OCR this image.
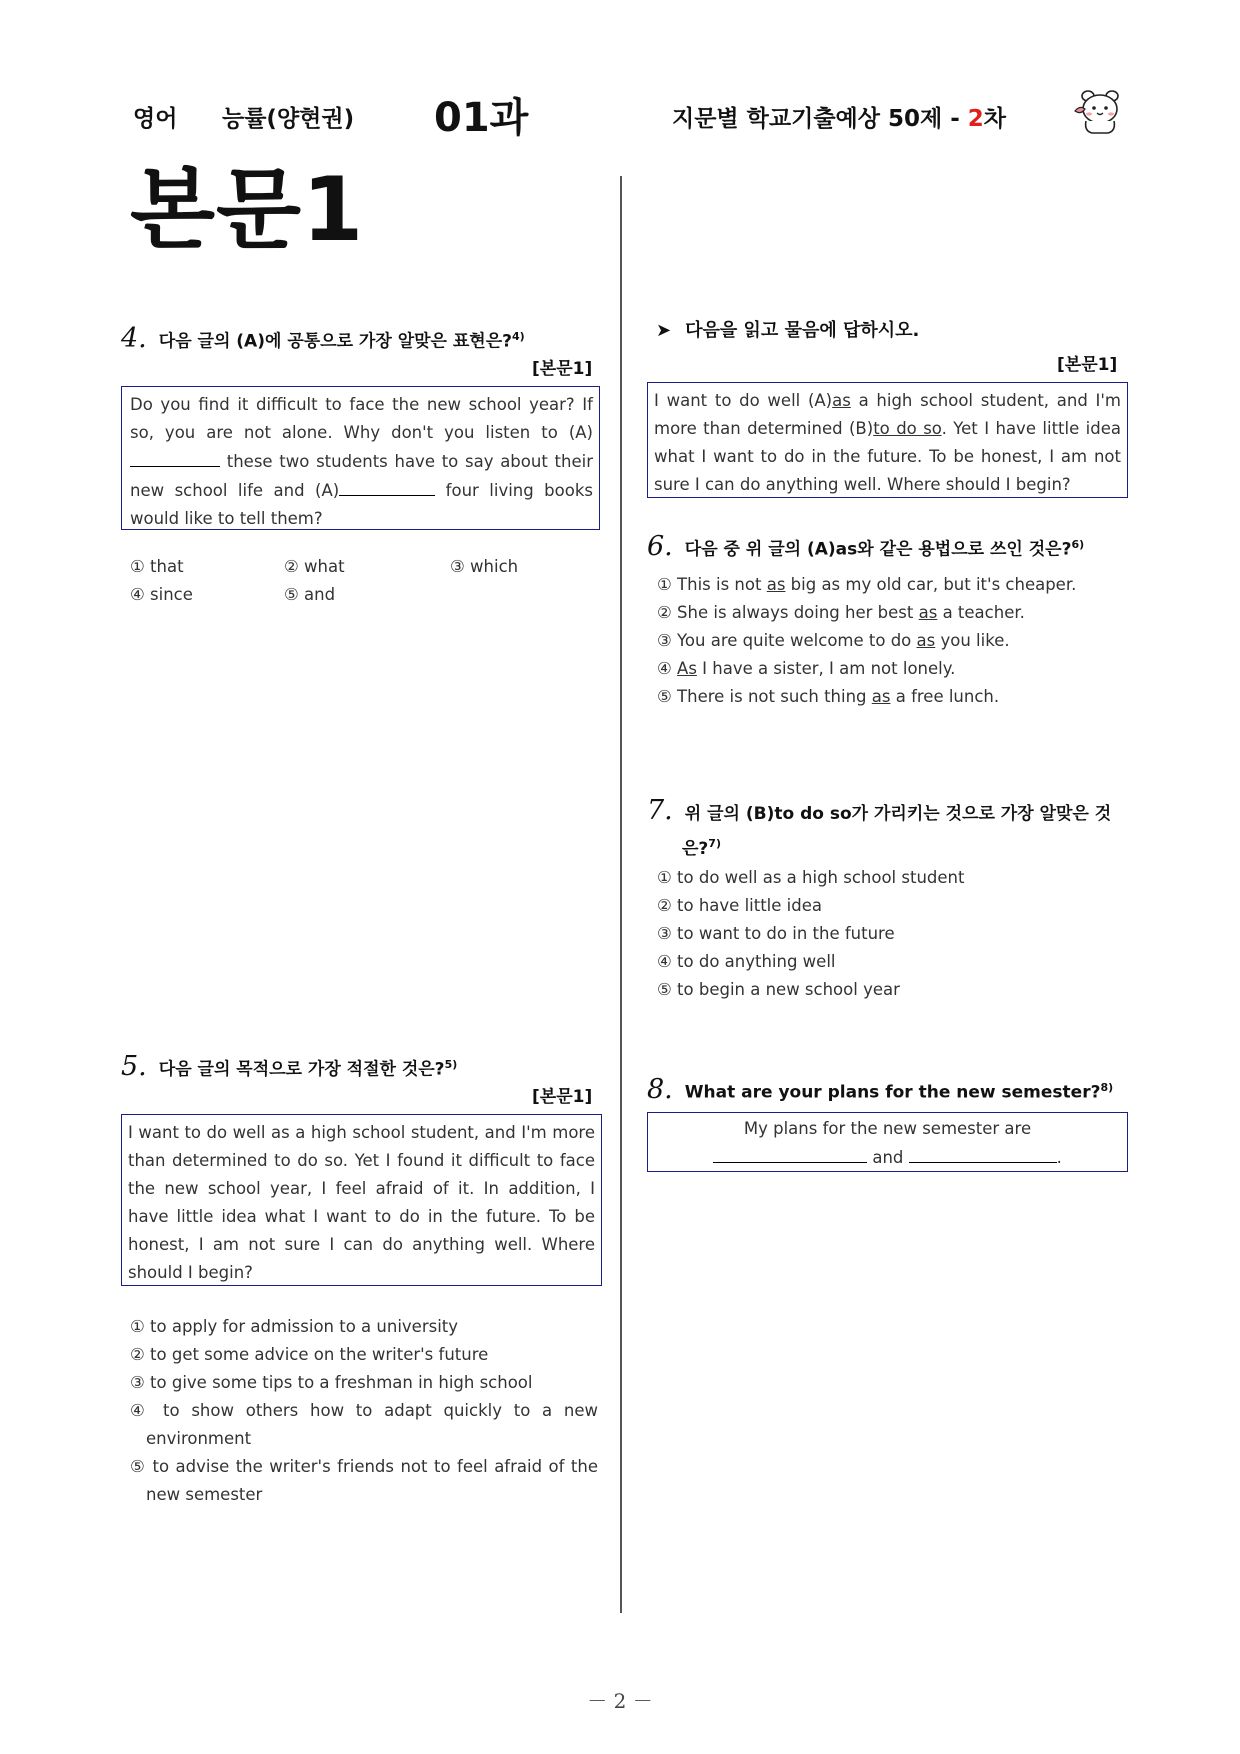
영어 능률(양현권) 01과	지문별 학교기출예상 50제 - 2차
본문1
4. 다음 글의 (A)에 공통으로 가장 알맞은 표현은?$^{4)}$
[본문1]
Do you find it difficult to face the new school year? If so, you are not alone. Why don't you listen to (A) these two students have to say about their new school life and (A)	four living books would like to tell them?
① that	② what	③ which
④ since	⑤ and
5. 다음 글의 목적으로 가장 적절한 것은?$^{5)}$
[본문1]
I want to do well as a high school student, and I'm more than determined to do so. Yet I found it difficult to face the new school year, I feel afraid of it. In addition, I have little idea what I want to do in the future. To be honest, I am not sure I can do anything well. Where should I begin?
① to apply for admission to a university
② to get some advice on the writer's future
③ to give some tips to a freshman in high school
④ to show others how to adapt quickly to a new environment
⑤ to advise the writer's friends not to feel afraid of the new semester
➤ 다음을 읽고 물음에 답하시오.
[본문1]
I want to do well (A)as a high school student, and I'm more than determined (B)to do so. Yet I have little idea what I want to do in the future. To be honest, I am not sure I can do anything well. Where should I begin?
6. 다음 중 위 글의 (A)as와 같은 용법으로 쓰인 것은?$^{6)}$
① This is not as big as my old car, but it's cheaper.
② She is always doing her best as a teacher.
③ You are quite welcome to do as you like.
④ As I have a sister, I am not lonely.
⑤ There is not such thing as a free lunch.
7. 위 글의 (B)to do so가 가리키는 것으로 가장 알맞은 것
은?$^{7)}$
① to do well as a high school student
② to have little idea
③ to want to do in the future
④ to do anything well
⑤ to begin a new school year
8. What are your plans for the new semester?$^{8)}$
My plans for the new semester are
and	.
－ 2 －
